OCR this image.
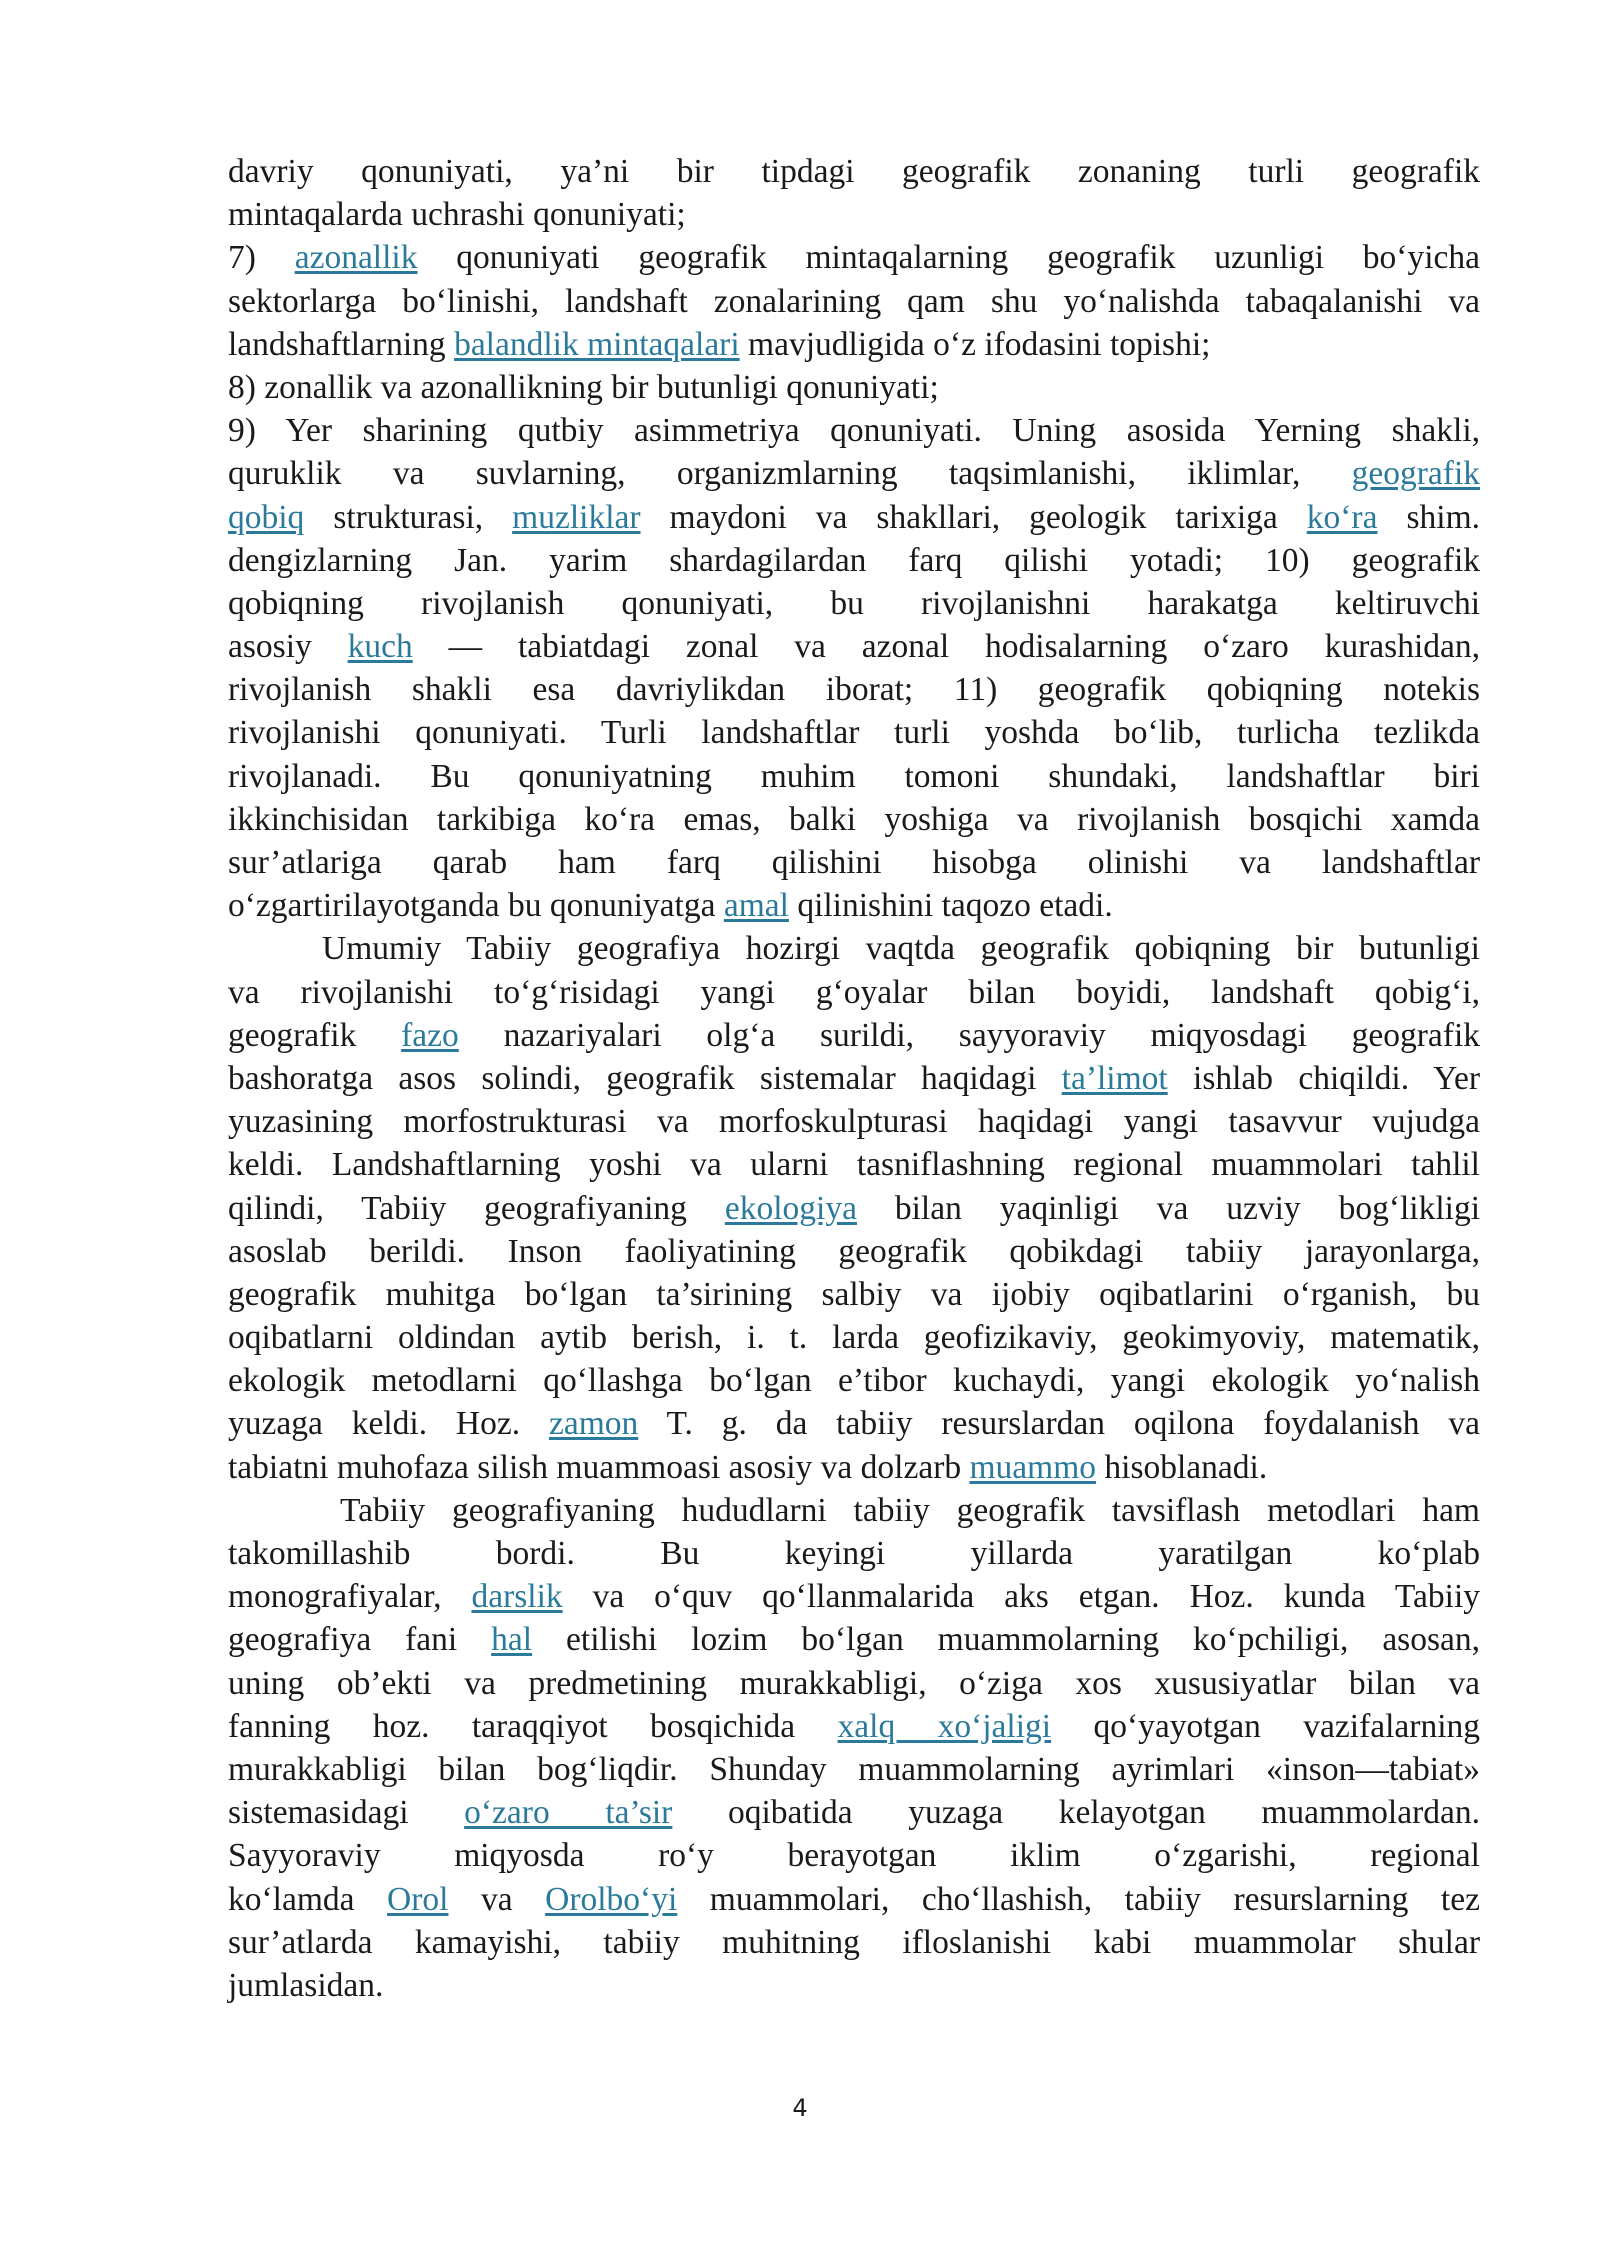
davriy qonuniyati, ya’ni bir tipdagi geografik zonaning turli geografik
mintaqalarda uchrashi qonuniyati;
7) azonallik qonuniyati geografik mintaqalarning geografik uzunligi bo‘yicha
sektorlarga bo‘linishi, landshaft zonalarining qam shu yo‘nalishda tabaqalanishi va
landshaftlarning balandlik mintaqalari mavjudligida o‘z ifodasini topishi;
8) zonallik va azonallikning bir butunligi qonuniyati;
9) Yer sharining qutbiy asimmetriya qonuniyati. Uning asosida Yerning shakli,
quruklik va suvlarning, organizmlarning taqsimlanishi, iklimlar, geografik
qobiq strukturasi, muzliklar maydoni va shakllari, geologik tarixiga ko‘ra shim.
dengizlarning Jan. yarim shardagilardan farq qilishi yotadi; 10) geografik
qobiqning rivojlanish qonuniyati, bu rivojlanishni harakatga keltiruvchi
asosiy kuch — tabiatdagi zonal va azonal hodisalarning o‘zaro kurashidan,
rivojlanish shakli esa davriylikdan iborat; 11) geografik qobiqning notekis
rivojlanishi qonuniyati. Turli landshaftlar turli yoshda bo‘lib, turlicha tezlikda
rivojlanadi. Bu qonuniyatning muhim tomoni shundaki, landshaftlar biri
ikkinchisidan tarkibiga ko‘ra emas, balki yoshiga va rivojlanish bosqichi xamda
sur’atlariga qarab ham farq qilishini hisobga olinishi va landshaftlar
o‘zgartirilayotganda bu qonuniyatga amal qilinishini taqozo etadi.
Umumiy Tabiiy geografiya hozirgi vaqtda geografik qobiqning bir butunligi
va rivojlanishi to‘g‘risidagi yangi g‘oyalar bilan boyidi, landshaft qobig‘i,
geografik fazo nazariyalari olg‘a surildi, sayyoraviy miqyosdagi geografik
bashoratga asos solindi, geografik sistemalar haqidagi ta’limot ishlab chiqildi. Yer
yuzasining morfostrukturasi va morfoskulpturasi haqidagi yangi tasavvur vujudga
keldi. Landshaftlarning yoshi va ularni tasniflashning regional muammolari tahlil
qilindi, Tabiiy geografiyaning ekologiya bilan yaqinligi va uzviy bog‘likligi
asoslab berildi. Inson faoliyatining geografik qobikdagi tabiiy jarayonlarga,
geografik muhitga bo‘lgan ta’sirining salbiy va ijobiy oqibatlarini o‘rganish, bu
oqibatlarni oldindan aytib berish, i. t. larda geofizikaviy, geokimyoviy, matematik,
ekologik metodlarni qo‘llashga bo‘lgan e’tibor kuchaydi, yangi ekologik yo‘nalish
yuzaga keldi. Hoz. zamon T. g. da tabiiy resurslardan oqilona foydalanish va
tabiatni muhofaza silish muammoasi asosiy va dolzarb muammo hisoblanadi.
Tabiiy geografiyaning hududlarni tabiiy geografik tavsiflash metodlari ham
takomillashib bordi. Bu keyingi yillarda yaratilgan ko‘plab
monografiyalar, darslik va o‘quv qo‘llanmalarida aks etgan. Hoz. kunda Tabiiy
geografiya fani hal etilishi lozim bo‘lgan muammolarning ko‘pchiligi, asosan,
uning ob’ekti va predmetining murakkabligi, o‘ziga xos xususiyatlar bilan va
fanning hoz. taraqqiyot bosqichida xalq xo‘jaligi qo‘yayotgan vazifalarning
murakkabligi bilan bog‘liqdir. Shunday muammolarning ayrimlari «inson—tabiat»
sistemasidagi o‘zaro ta’sir oqibatida yuzaga kelayotgan muammolardan.
Sayyoraviy miqyosda ro‘y berayotgan iklim o‘zgarishi, regional
ko‘lamda Orol va Orolbo‘yi muammolari, cho‘llashish, tabiiy resurslarning tez
sur’atlarda kamayishi, tabiiy muhitning ifloslanishi kabi muammolar shular
jumlasidan.
4
